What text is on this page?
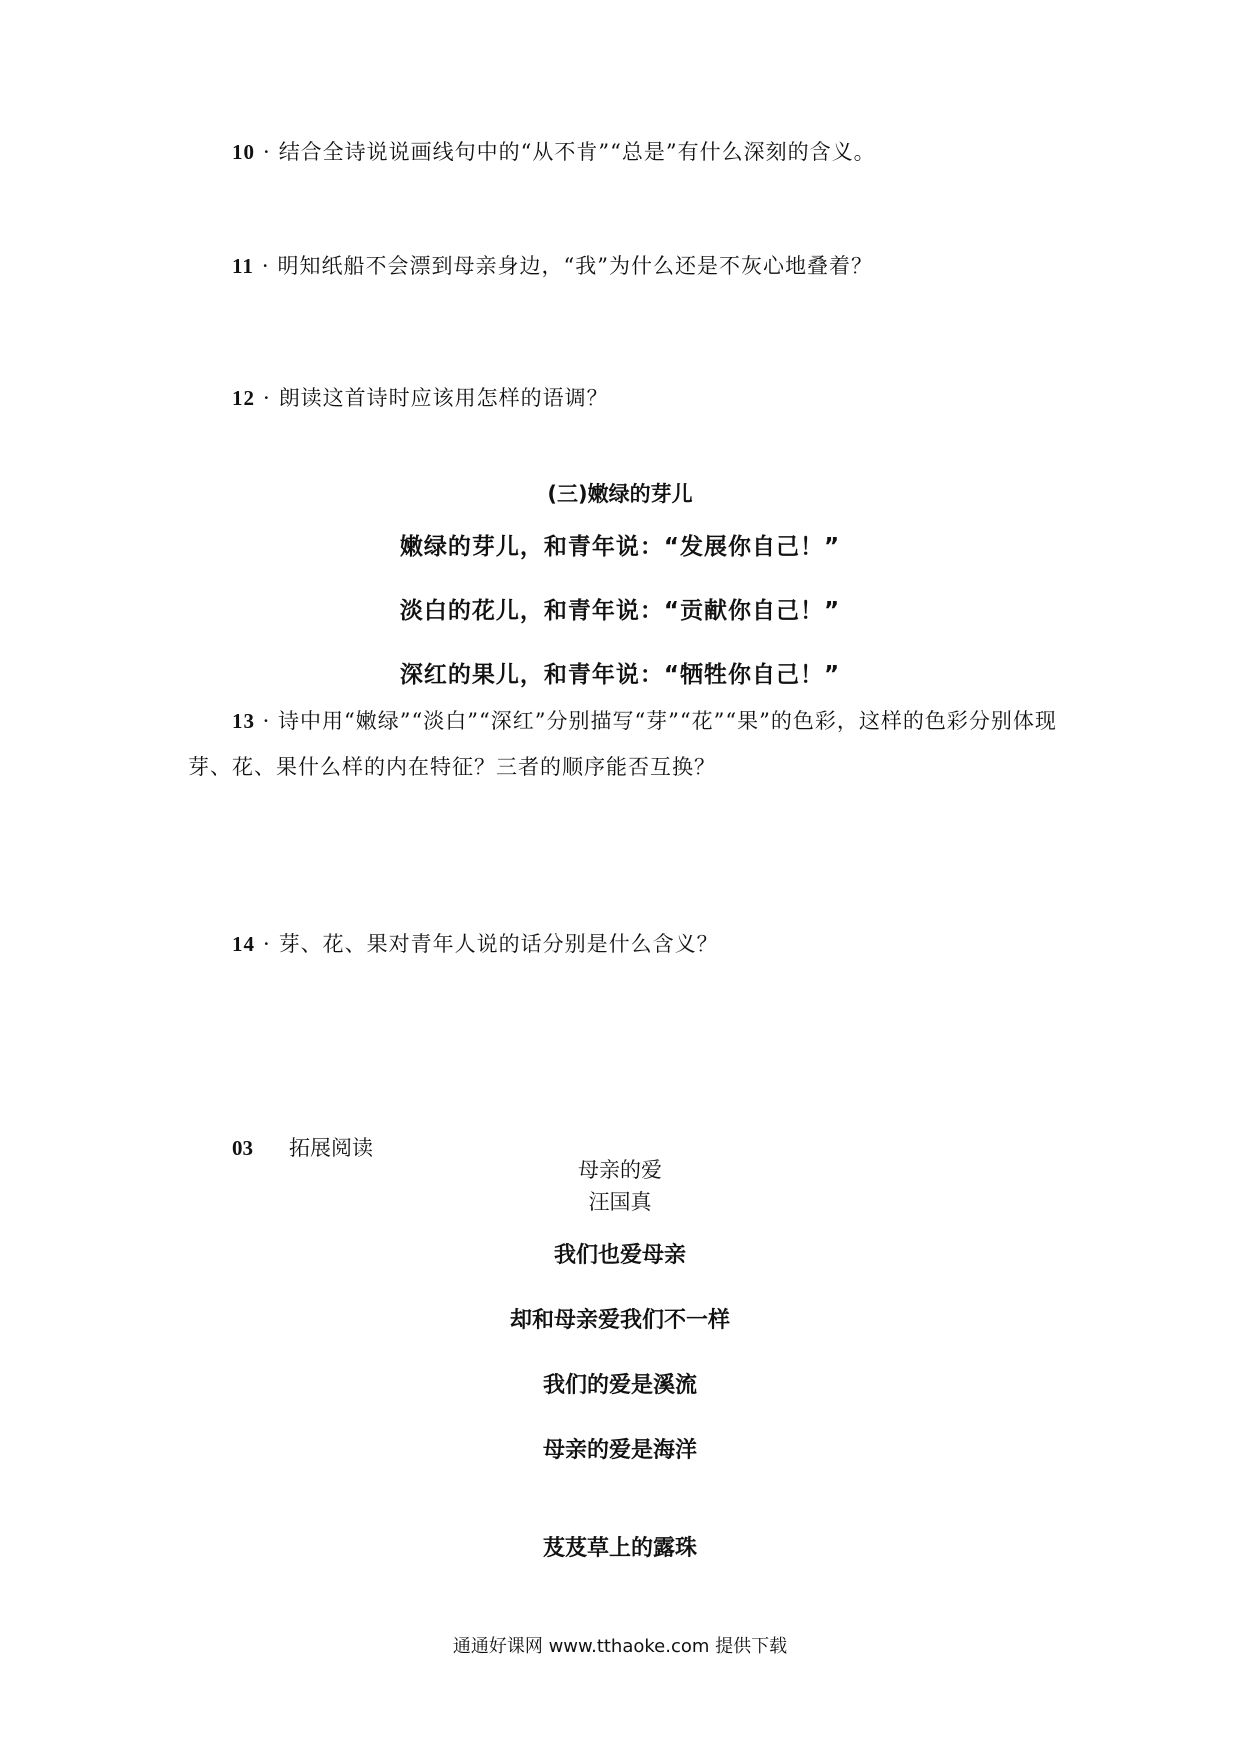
10 · 结合全诗说说画线句中的“从不肯”“总是”有什么深刻的含义。
11 · 明知纸船不会漂到母亲身边，“我”为什么还是不灰心地叠着？
12 · 朗读这首诗时应该用怎样的语调？
(三)嫩绿的芽儿
嫩绿的芽儿，和青年说：“发展你自己！”
淡白的花儿，和青年说：“贡献你自己！”
深红的果儿，和青年说：“牺牲你自己！”
13 · 诗中用“嫩绿”“淡白”“深红”分别描写“芽”“花”“果”的色彩，这样的色彩分别体现芽、花、果什么样的内在特征？三者的顺序能否互换？
14 · 芽、花、果对青年人说的话分别是什么含义？
03 拓展阅读
母亲的爱
汪国真
我们也爱母亲
却和母亲爱我们不一样
我们的爱是溪流
母亲的爱是海洋
芨芨草上的露珠
通通好课网 www.tthaoke.com 提供下载
